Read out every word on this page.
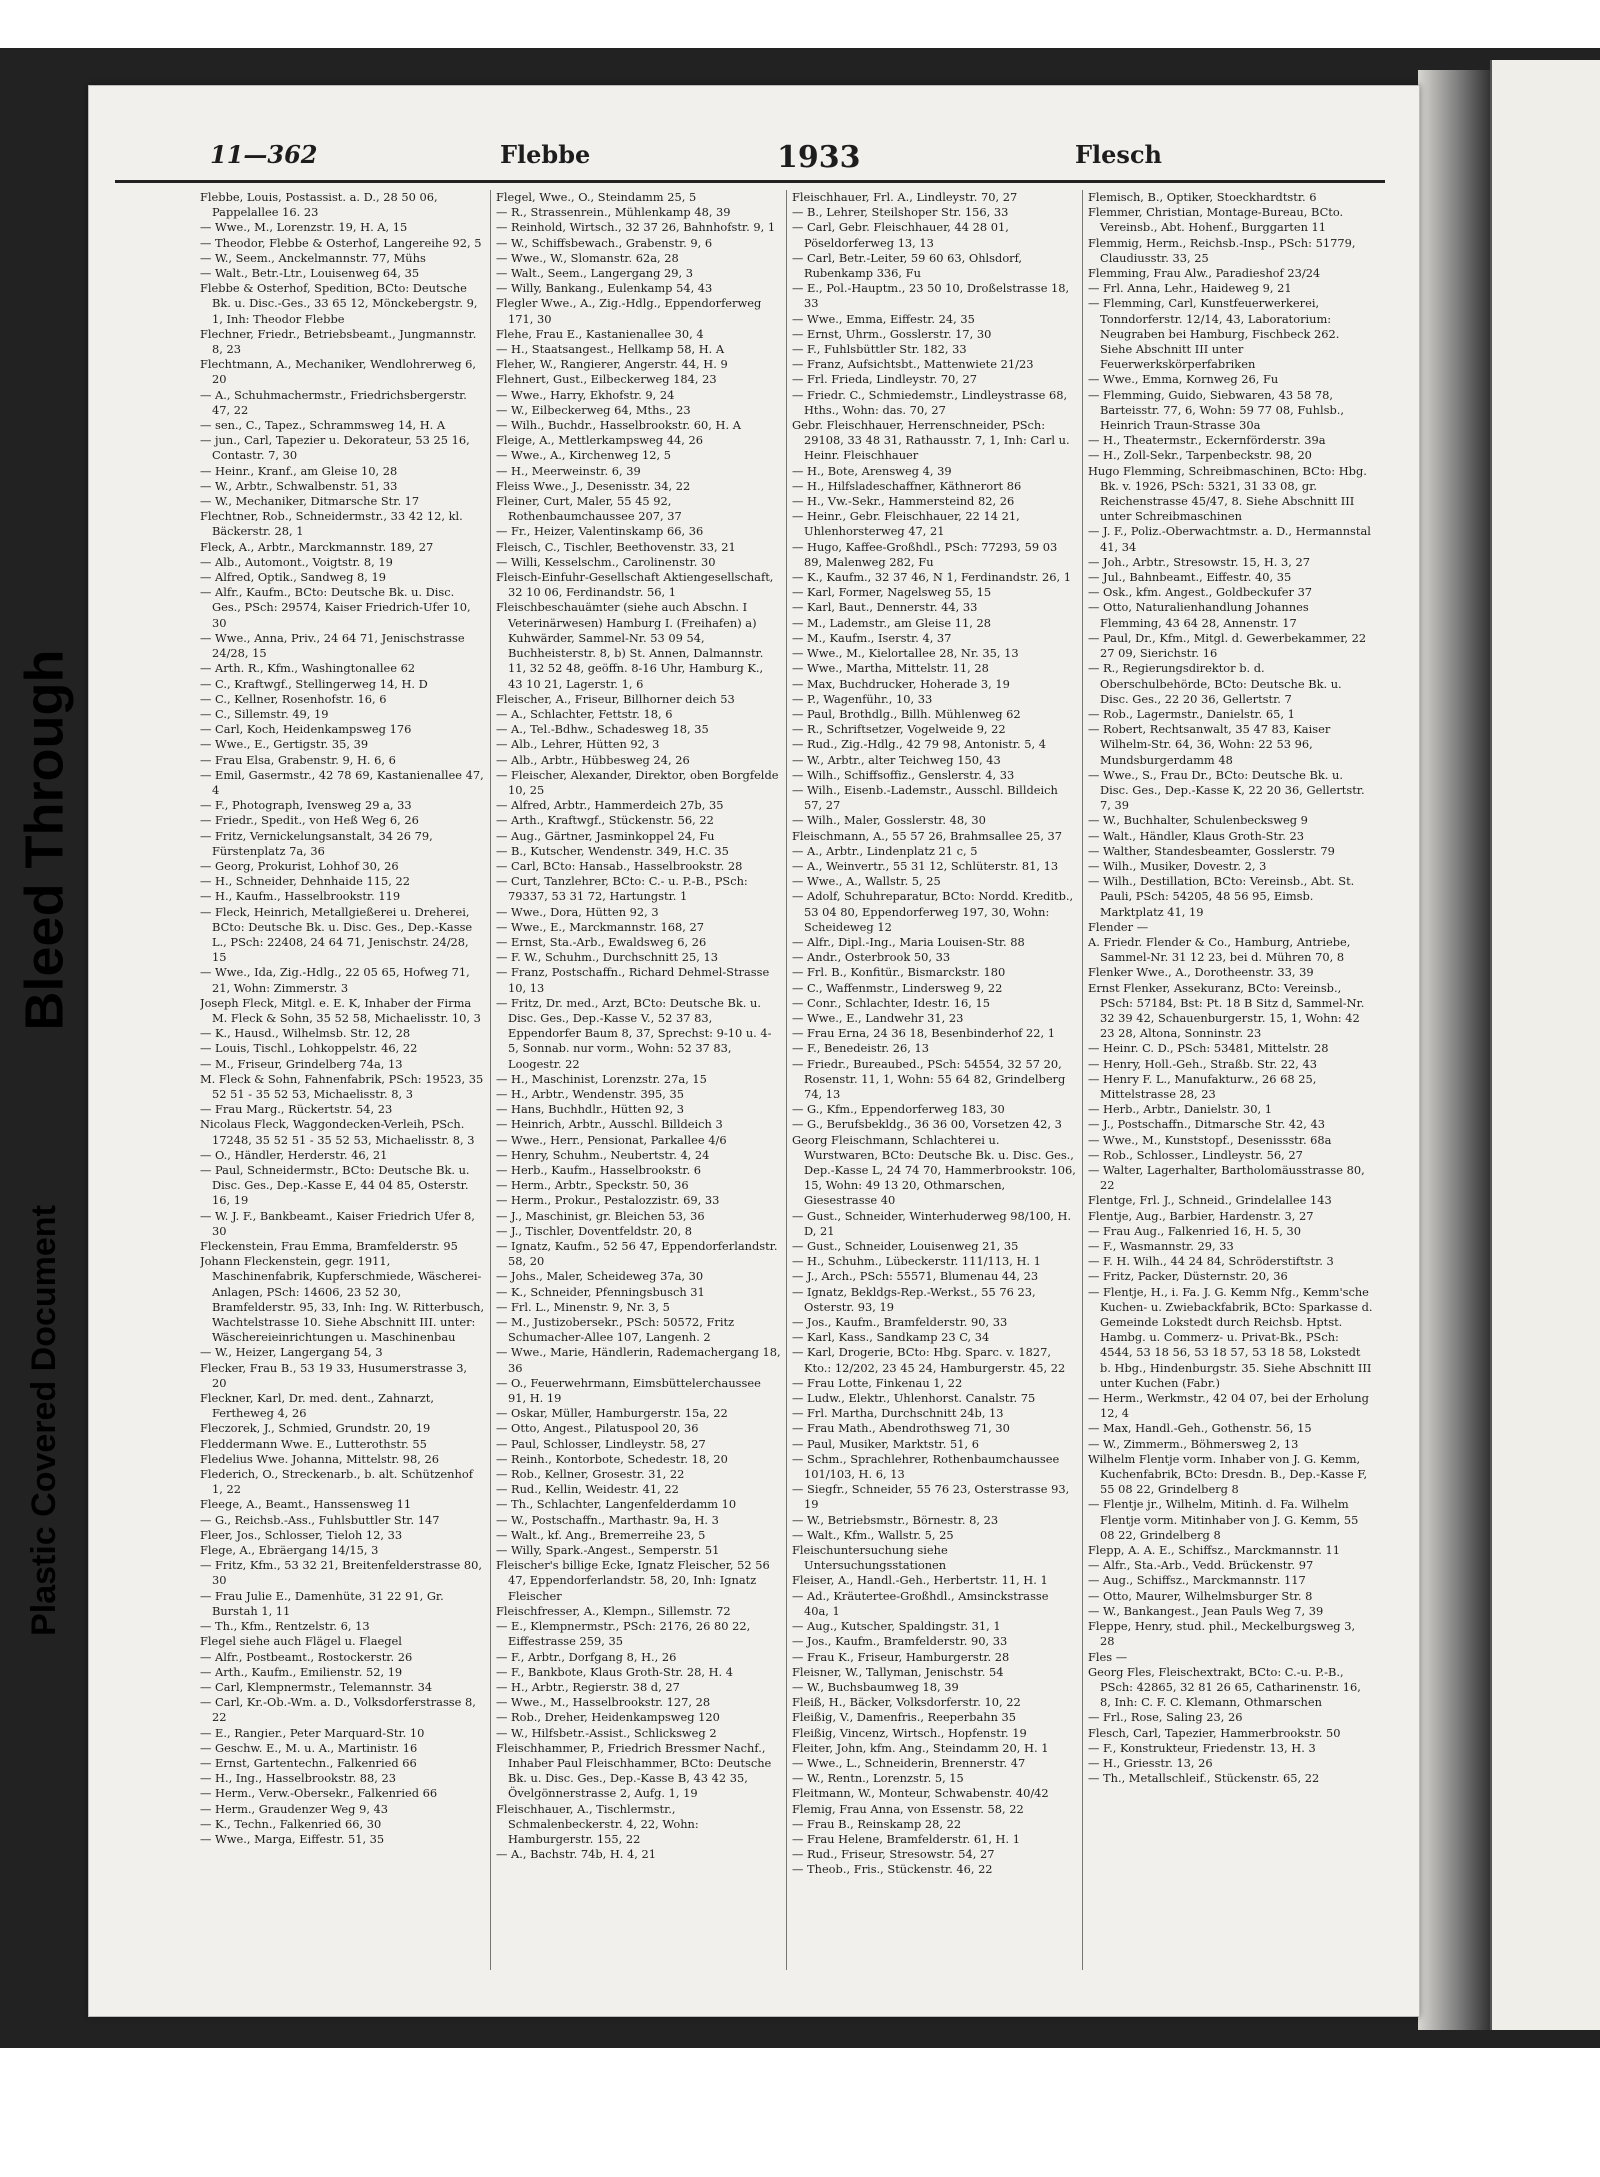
Bleed Through
Plastic Covered Document
11—362	Flebbe	1933	Flesch

Flebbe, Louis, Postassist. a. D., 28 50 06, Pappelallee 16. 23

— Wwe., M., Lorenzstr. 19, H. A, 15

— Theodor, Flebbe & Osterhof, Langereihe 92, 5

— W., Seem., Anckelmannstr. 77, Mühs

— Walt., Betr.-Ltr., Louisenweg 64, 35

Flebbe & Osterhof, Spedition, BCto: Deutsche Bk. u. Disc.-Ges., 33 65 12, Mönckebergstr. 9, 1, Inh: Theodor Flebbe

Flechner, Friedr., Betriebsbeamt., Jungmannstr. 8, 23

Flechtmann, A., Mechaniker, Wendlohrerweg 6, 20

— A., Schuhmachermstr., Friedrichsbergerstr. 47, 22

— sen., C., Tapez., Schrammsweg 14, H. A

— jun., Carl, Tapezier u. Dekorateur, 53 25 16, Contastr. 7, 30

— Heinr., Kranf., am Gleise 10, 28

— W., Arbtr., Schwalbenstr. 51, 33

— W., Mechaniker, Ditmarsche Str. 17

Flechtner, Rob., Schneidermstr., 33 42 12, kl. Bäckerstr. 28, 1

Fleck, A., Arbtr., Marckmannstr. 189, 27

— Alb., Automont., Voigtstr. 8, 19

— Alfred, Optik., Sandweg 8, 19

— Alfr., Kaufm., BCto: Deutsche Bk. u. Disc. Ges., PSch: 29574, Kaiser Friedrich-Ufer 10, 30

— Wwe., Anna, Priv., 24 64 71, Jenischstrasse 24/28, 15

— Arth. R., Kfm., Washingtonallee 62

— C., Kraftwgf., Stellingerweg 14, H. D

— C., Kellner, Rosenhofstr. 16, 6

— C., Sillemstr. 49, 19

— Carl, Koch, Heidenkampsweg 176

— Wwe., E., Gertigstr. 35, 39

— Frau Elsa, Grabenstr. 9, H. 6, 6

— Emil, Gasermstr., 42 78 69, Kastanienallee 47, 4

— F., Photograph, Ivensweg 29 a, 33

— Friedr., Spedit., von Heß Weg 6, 26

— Fritz, Vernickelungsanstalt, 34 26 79, Fürstenplatz 7a, 36

— Georg, Prokurist, Lohhof 30, 26

— H., Schneider, Dehnhaide 115, 22

— H., Kaufm., Hasselbrookstr. 119

— Fleck, Heinrich, Metallgießerei u. Dreherei, BCto: Deutsche Bk. u. Disc. Ges., Dep.-Kasse L., PSch: 22408, 24 64 71, Jenischstr. 24/28, 15

— Wwe., Ida, Zig.-Hdlg., 22 05 65, Hofweg 71, 21, Wohn: Zimmerstr. 3

Joseph Fleck, Mitgl. e. E. K, Inhaber der Firma M. Fleck & Sohn, 35 52 58, Michaelisstr. 10, 3

— K., Hausd., Wilhelmsb. Str. 12, 28

— Louis, Tischl., Lohkoppelstr. 46, 22

— M., Friseur, Grindelberg 74a, 13

M. Fleck & Sohn, Fahnenfabrik, PSch: 19523, 35 52 51 - 35 52 53, Michaelisstr. 8, 3

— Frau Marg., Rückertstr. 54, 23

Nicolaus Fleck, Waggondecken-Verleih, PSch. 17248, 35 52 51 - 35 52 53, Michaelisstr. 8, 3

— O., Händler, Herderstr. 46, 21

— Paul, Schneidermstr., BCto: Deutsche Bk. u. Disc. Ges., Dep.-Kasse E, 44 04 85, Osterstr. 16, 19

— W. J. F., Bankbeamt., Kaiser Friedrich Ufer 8, 30

Fleckenstein, Frau Emma, Bramfelderstr. 95

Johann Fleckenstein, gegr. 1911, Maschinenfabrik, Kupferschmiede, Wäscherei-Anlagen, PSch: 14606, 23 52 30, Bramfelderstr. 95, 33, Inh: Ing. W. Ritterbusch, Wachtelstrasse 10. Siehe Abschnitt III. unter: Wäschereieinrichtungen u. Maschinenbau

— W., Heizer, Langergang 54, 3

Flecker, Frau B., 53 19 33, Husumerstrasse 3, 20

Fleckner, Karl, Dr. med. dent., Zahnarzt, Fertheweg 4, 26

Fleczorek, J., Schmied, Grundstr. 20, 19

Fleddermann Wwe. E., Lutterothstr. 55

Fledelius Wwe. Johanna, Mittelstr. 98, 26

Flederich, O., Streckenarb., b. alt. Schützenhof 1, 22

Fleege, A., Beamt., Hanssensweg 11

— G., Reichsb.-Ass., Fuhlsbuttler Str. 147

Fleer, Jos., Schlosser, Tieloh 12, 33

Flege, A., Ebräergang 14/15, 3

— Fritz, Kfm., 53 32 21, Breitenfelderstrasse 80, 30

— Frau Julie E., Damenhüte, 31 22 91, Gr. Burstah 1, 11

— Th., Kfm., Rentzelstr. 6, 13

Flegel siehe auch Flägel u. Flaegel

— Alfr., Postbeamt., Rostockerstr. 26

— Arth., Kaufm., Emilienstr. 52, 19

— Carl, Klempnermstr., Telemannstr. 34

— Carl, Kr.-Ob.-Wm. a. D., Volksdorferstrasse 8, 22

— E., Rangier., Peter Marquard-Str. 10

— Geschw. E., M. u. A., Martinistr. 16

— Ernst, Gartentechn., Falkenried 66

— H., Ing., Hasselbrookstr. 88, 23

— Herm., Verw.-Obersekr., Falkenried 66

— Herm., Graudenzer Weg 9, 43

— K., Techn., Falkenried 66, 30

— Wwe., Marga, Eiffestr. 51, 35

Flegel, Wwe., O., Steindamm 25, 5

— R., Strassenrein., Mühlenkamp 48, 39

— Reinhold, Wirtsch., 32 37 26, Bahnhofstr. 9, 1

— W., Schiffsbewach., Grabenstr. 9, 6

— Wwe., W., Slomanstr. 62a, 28

— Walt., Seem., Langergang 29, 3

— Willy, Bankang., Eulenkamp 54, 43

Flegler Wwe., A., Zig.-Hdlg., Eppendorferweg 171, 30

Flehe, Frau E., Kastanienallee 30, 4

— H., Staatsangest., Hellkamp 58, H. A

Fleher, W., Rangierer, Angerstr. 44, H. 9

Flehnert, Gust., Eilbeckerweg 184, 23

— Wwe., Harry, Ekhofstr. 9, 24

— W., Eilbeckerweg 64, Mths., 23

— Wilh., Buchdr., Hasselbrookstr. 60, H. A

Fleige, A., Mettlerkampsweg 44, 26

— Wwe., A., Kirchenweg 12, 5

— H., Meerweinstr. 6, 39

Fleiss Wwe., J., Desenisstr. 34, 22

Fleiner, Curt, Maler, 55 45 92, Rothenbaumchaussee 207, 37

— Fr., Heizer, Valentinskamp 66, 36

Fleisch, C., Tischler, Beethovenstr. 33, 21

— Willi, Kesselschm., Carolinenstr. 30

Fleisch-Einfuhr-Gesellschaft Aktiengesellschaft, 32 10 06, Ferdinandstr. 56, 1

Fleischbeschauämter (siehe auch Abschn. I Veterinärwesen) Hamburg I. (Freihafen) a) Kuhwärder, Sammel-Nr. 53 09 54, Buchheisterstr. 8, b) St. Annen, Dalmannstr. 11, 32 52 48, geöffn. 8-16 Uhr, Hamburg K., 43 10 21, Lagerstr. 1, 6

Fleischer, A., Friseur, Billhorner deich 53

— A., Schlachter, Fettstr. 18, 6

— A., Tel.-Bdhw., Schadesweg 18, 35

— Alb., Lehrer, Hütten 92, 3

— Alb., Arbtr., Hübbesweg 24, 26

— Fleischer, Alexander, Direktor, oben Borgfelde 10, 25

— Alfred, Arbtr., Hammerdeich 27b, 35

— Arth., Kraftwgf., Stückenstr. 56, 22

— Aug., Gärtner, Jasminkoppel 24, Fu

— B., Kutscher, Wendenstr. 349, H.C. 35

— Carl, BCto: Hansab., Hasselbrookstr. 28

— Curt, Tanzlehrer, BCto: C.- u. P.-B., PSch: 79337, 53 31 72, Hartungstr. 1

— Wwe., Dora, Hütten 92, 3

— Wwe., E., Marckmannstr. 168, 27

— Ernst, Sta.-Arb., Ewaldsweg 6, 26

— F. W., Schuhm., Durchschnitt 25, 13

— Franz, Postschaffn., Richard Dehmel-Strasse 10, 13

— Fritz, Dr. med., Arzt, BCto: Deutsche Bk. u. Disc. Ges., Dep.-Kasse V., 52 37 83, Eppendorfer Baum 8, 37, Sprechst: 9-10 u. 4-5, Sonnab. nur vorm., Wohn: 52 37 83, Loogestr. 22

— H., Maschinist, Lorenzstr. 27a, 15

— H., Arbtr., Wendenstr. 395, 35

— Hans, Buchhdlr., Hütten 92, 3

— Heinrich, Arbtr., Ausschl. Billdeich 3

— Wwe., Herr., Pensionat, Parkallee 4/6

— Henry, Schuhm., Neubertstr. 4, 24

— Herb., Kaufm., Hasselbrookstr. 6

— Herm., Arbtr., Speckstr. 50, 36

— Herm., Prokur., Pestalozzistr. 69, 33

— J., Maschinist, gr. Bleichen 53, 36

— J., Tischler, Doventfeldstr. 20, 8

— Ignatz, Kaufm., 52 56 47, Eppendorferlandstr. 58, 20

— Johs., Maler, Scheideweg 37a, 30

— K., Schneider, Pfenningsbusch 31

— Frl. L., Minenstr. 9, Nr. 3, 5

— M., Justizobersekr., PSch: 50572, Fritz Schumacher-Allee 107, Langenh. 2

— Wwe., Marie, Händlerin, Rademachergang 18, 36

— O., Feuerwehrmann, Eimsbüttelerchaussee 91, H. 19

— Oskar, Müller, Hamburgerstr. 15a, 22

— Otto, Angest., Pilatuspool 20, 36

— Paul, Schlosser, Lindleystr. 58, 27

— Reinh., Kontorbote, Schedestr. 18, 20

— Rob., Kellner, Grosestr. 31, 22

— Rud., Kellin, Weidestr. 41, 22

— Th., Schlachter, Langenfelderdamm 10

— W., Postschaffn., Marthastr. 9a, H. 3

— Walt., kf. Ang., Bremerreihe 23, 5

— Willy, Spark.-Angest., Semperstr. 51

Fleischer's billige Ecke, Ignatz Fleischer, 52 56 47, Eppendorferlandstr. 58, 20, Inh: Ignatz Fleischer

Fleischfresser, A., Klempn., Sillemstr. 72

— E., Klempnermstr., PSch: 2176, 26 80 22, Eiffestrasse 259, 35

— F., Arbtr., Dorfgang 8, H., 26

— F., Bankbote, Klaus Groth-Str. 28, H. 4

— H., Arbtr., Regierstr. 38 d, 27

— Wwe., M., Hasselbrookstr. 127, 28

— Rob., Dreher, Heidenkampsweg 120

— W., Hilfsbetr.-Assist., Schlicksweg 2

Fleischhammer, P., Friedrich Bressmer Nachf., Inhaber Paul Fleischhammer, BCto: Deutsche Bk. u. Disc. Ges., Dep.-Kasse B, 43 42 35, Övelgönnerstrasse 2, Aufg. 1, 19

Fleischhauer, A., Tischlermstr., Schmalenbeckerstr. 4, 22, Wohn: Hamburgerstr. 155, 22

— A., Bachstr. 74b, H. 4, 21

Fleischhauer, Frl. A., Lindleystr. 70, 27

— B., Lehrer, Steilshoper Str. 156, 33

— Carl, Gebr. Fleischhauer, 44 28 01, Pöseldorferweg 13, 13

— Carl, Betr.-Leiter, 59 60 63, Ohlsdorf, Rubenkamp 336, Fu

— E., Pol.-Hauptm., 23 50 10, Droßelstrasse 18, 33

— Wwe., Emma, Eiffestr. 24, 35

— Ernst, Uhrm., Gosslerstr. 17, 30

— F., Fuhlsbüttler Str. 182, 33

— Franz, Aufsichtsbt., Mattenwiete 21/23

— Frl. Frieda, Lindleystr. 70, 27

— Friedr. C., Schmiedemstr., Lindleystrasse 68, Hths., Wohn: das. 70, 27

Gebr. Fleischhauer, Herrenschneider, PSch: 29108, 33 48 31, Rathausstr. 7, 1, Inh: Carl u. Heinr. Fleischhauer

— H., Bote, Arensweg 4, 39

— H., Hilfsladeschaffner, Käthnerort 86

— H., Vw.-Sekr., Hammersteind 82, 26

— Heinr., Gebr. Fleischhauer, 22 14 21, Uhlenhorsterweg 47, 21

— Hugo, Kaffee-Großhdl., PSch: 77293, 59 03 89, Malenweg 282, Fu

— K., Kaufm., 32 37 46, N 1, Ferdinandstr. 26, 1

— Karl, Former, Nagelsweg 55, 15

— Karl, Baut., Dennerstr. 44, 33

— M., Lademstr., am Gleise 11, 28

— M., Kaufm., Iserstr. 4, 37

— Wwe., M., Kielortallee 28, Nr. 35, 13

— Wwe., Martha, Mittelstr. 11, 28

— Max, Buchdrucker, Hoherade 3, 19

— P., Wagenführ., 10, 33

— Paul, Brothdlg., Billh. Mühlenweg 62

— R., Schriftsetzer, Vogelweide 9, 22

— Rud., Zig.-Hdlg., 42 79 98, Antonistr. 5, 4

— W., Arbtr., alter Teichweg 150, 43

— Wilh., Schiffsoffiz., Genslerstr. 4, 33

— Wilh., Eisenb.-Lademstr., Ausschl. Billdeich 57, 27

— Wilh., Maler, Gosslerstr. 48, 30

Fleischmann, A., 55 57 26, Brahmsallee 25, 37

— A., Arbtr., Lindenplatz 21 c, 5

— A., Weinvertr., 55 31 12, Schlüterstr. 81, 13

— Wwe., A., Wallstr. 5, 25

— Adolf, Schuhreparatur, BCto: Nordd. Kreditb., 53 04 80, Eppendorferweg 197, 30, Wohn: Scheideweg 12

— Alfr., Dipl.-Ing., Maria Louisen-Str. 88

— Andr., Osterbrook 50, 33

— Frl. B., Konfitür., Bismarckstr. 180

— C., Waffenmstr., Lindersweg 9, 22

— Conr., Schlachter, Idestr. 16, 15

— Wwe., E., Landwehr 31, 23

— Frau Erna, 24 36 18, Besenbinderhof 22, 1

— F., Benedeistr. 26, 13

— Friedr., Bureaubed., PSch: 54554, 32 57 20, Rosenstr. 11, 1, Wohn: 55 64 82, Grindelberg 74, 13

— G., Kfm., Eppendorferweg 183, 30

— G., Berufsbekldg., 36 36 00, Vorsetzen 42, 3

Georg Fleischmann, Schlachterei u. Wurstwaren, BCto: Deutsche Bk. u. Disc. Ges., Dep.-Kasse L, 24 74 70, Hammerbrookstr. 106, 15, Wohn: 49 13 20, Othmarschen, Giesestrasse 40

— Gust., Schneider, Winterhuderweg 98/100, H. D, 21

— Gust., Schneider, Louisenweg 21, 35

— H., Schuhm., Lübeckerstr. 111/113, H. 1

— J., Arch., PSch: 55571, Blumenau 44, 23

— Ignatz, Bekldgs-Rep.-Werkst., 55 76 23, Osterstr. 93, 19

— Jos., Kaufm., Bramfelderstr. 90, 33

— Karl, Kass., Sandkamp 23 C, 34

— Karl, Drogerie, BCto: Hbg. Sparc. v. 1827, Kto.: 12/202, 23 45 24, Hamburgerstr. 45, 22

— Frau Lotte, Finkenau 1, 22

— Ludw., Elektr., Uhlenhorst. Canalstr. 75

— Frl. Martha, Durchschnitt 24b, 13

— Frau Math., Abendrothsweg 71, 30

— Paul, Musiker, Marktstr. 51, 6

— Schm., Sprachlehrer, Rothenbaumchaussee 101/103, H. 6, 13

— Siegfr., Schneider, 55 76 23, Osterstrasse 93, 19

— W., Betriebsmstr., Börnestr. 8, 23

— Walt., Kfm., Wallstr. 5, 25

Fleischuntersuchung siehe Untersuchungsstationen

Fleiser, A., Handl.-Geh., Herbertstr. 11, H. 1

— Ad., Kräutertee-Großhdl., Amsinckstrasse 40a, 1

— Aug., Kutscher, Spaldingstr. 31, 1

— Jos., Kaufm., Bramfelderstr. 90, 33

— Frau K., Friseur, Hamburgerstr. 28

Fleisner, W., Tallyman, Jenischstr. 54

— W., Buchsbaumweg 18, 39

Fleiß, H., Bäcker, Volksdorferstr. 10, 22

Fleißig, V., Damenfris., Reeperbahn 35

Fleißig, Vincenz, Wirtsch., Hopfenstr. 19

Fleiter, John, kfm. Ang., Steindamm 20, H. 1

— Wwe., L., Schneiderin, Brennerstr. 47

— W., Rentn., Lorenzstr. 5, 15

Fleitmann, W., Monteur, Schwabenstr. 40/42

Flemig, Frau Anna, von Essenstr. 58, 22

— Frau B., Reinskamp 28, 22

— Frau Helene, Bramfelderstr. 61, H. 1

— Rud., Friseur, Stresowstr. 54, 27

— Theob., Fris., Stückenstr. 46, 22

Flemisch, B., Optiker, Stoeckhardtstr. 6

Flemmer, Christian, Montage-Bureau, BCto. Vereinsb., Abt. Hohenf., Burggarten 11

Flemmig, Herm., Reichsb.-Insp., PSch: 51779, Claudiusstr. 33, 25

Flemming, Frau Alw., Paradieshof 23/24

— Frl. Anna, Lehr., Haideweg 9, 21

— Flemming, Carl, Kunstfeuerwerkerei, Tonndorferstr. 12/14, 43, Laboratorium: Neugraben bei Hamburg, Fischbeck 262. Siehe Abschnitt III unter Feuerwerkskörperfabriken

— Wwe., Emma, Kornweg 26, Fu

— Flemming, Guido, Siebwaren, 43 58 78, Barteisstr. 77, 6, Wohn: 59 77 08, Fuhlsb., Heinrich Traun-Strasse 30a

— H., Theatermstr., Eckernförderstr. 39a

— H., Zoll-Sekr., Tarpenbeckstr. 98, 20

Hugo Flemming, Schreibmaschinen, BCto: Hbg. Bk. v. 1926, PSch: 5321, 31 33 08, gr. Reichenstrasse 45/47, 8. Siehe Abschnitt III unter Schreibmaschinen

— J. F., Poliz.-Oberwachtmstr. a. D., Hermannstal 41, 34

— Joh., Arbtr., Stresowstr. 15, H. 3, 27

— Jul., Bahnbeamt., Eiffestr. 40, 35

— Osk., kfm. Angest., Goldbeckufer 37

— Otto, Naturalienhandlung Johannes Flemming, 43 64 28, Annenstr. 17

— Paul, Dr., Kfm., Mitgl. d. Gewerbekammer, 22 27 09, Sierichstr. 16

— R., Regierungsdirektor b. d. Oberschulbehörde, BCto: Deutsche Bk. u. Disc. Ges., 22 20 36, Gellertstr. 7

— Rob., Lagermstr., Danielstr. 65, 1

— Robert, Rechtsanwalt, 35 47 83, Kaiser Wilhelm-Str. 64, 36, Wohn: 22 53 96, Mundsburgerdamm 48

— Wwe., S., Frau Dr., BCto: Deutsche Bk. u. Disc. Ges., Dep.-Kasse K, 22 20 36, Gellertstr. 7, 39

— W., Buchhalter, Schulenbecksweg 9

— Walt., Händler, Klaus Groth-Str. 23

— Walther, Standesbeamter, Gosslerstr. 79

— Wilh., Musiker, Dovestr. 2, 3

— Wilh., Destillation, BCto: Vereinsb., Abt. St. Pauli, PSch: 54205, 48 56 95, Eimsb. Marktplatz 41, 19

Flender —

A. Friedr. Flender & Co., Hamburg, Antriebe, Sammel-Nr. 31 12 23, bei d. Mühren 70, 8

Flenker Wwe., A., Dorotheenstr. 33, 39

Ernst Flenker, Assekuranz, BCto: Vereinsb., PSch: 57184, Bst: Pt. 18 B Sitz d, Sammel-Nr. 32 39 42, Schauenburgerstr. 15, 1, Wohn: 42 23 28, Altona, Sonninstr. 23

— Heinr. C. D., PSch: 53481, Mittelstr. 28

— Henry, Holl.-Geh., Straßb. Str. 22, 43

— Henry F. L., Manufakturw., 26 68 25, Mittelstrasse 28, 23

— Herb., Arbtr., Danielstr. 30, 1

— J., Postschaffn., Ditmarsche Str. 42, 43

— Wwe., M., Kunststopf., Desenissstr. 68a

— Rob., Schlosser., Lindleystr. 56, 27

— Walter, Lagerhalter, Bartholomäusstrasse 80, 22

Flentge, Frl. J., Schneid., Grindelallee 143

Flentje, Aug., Barbier, Hardenstr. 3, 27

— Frau Aug., Falkenried 16, H. 5, 30

— F., Wasmannstr. 29, 33

— F. H. Wilh., 44 24 84, Schröderstiftstr. 3

— Fritz, Packer, Düsternstr. 20, 36

— Flentje, H., i. Fa. J. G. Kemm Nfg., Kemm'sche Kuchen- u. Zwiebackfabrik, BCto: Sparkasse d. Gemeinde Lokstedt durch Reichsb. Hptst. Hambg. u. Commerz- u. Privat-Bk., PSch: 4544, 53 18 56, 53 18 57, 53 18 58, Lokstedt b. Hbg., Hindenburgstr. 35. Siehe Abschnitt III unter Kuchen (Fabr.)

— Herm., Werkmstr., 42 04 07, bei der Erholung 12, 4

— Max, Handl.-Geh., Gothenstr. 56, 15

— W., Zimmerm., Böhmersweg 2, 13

Wilhelm Flentje vorm. Inhaber von J. G. Kemm, Kuchenfabrik, BCto: Dresdn. B., Dep.-Kasse F, 55 08 22, Grindelberg 8

— Flentje jr., Wilhelm, Mitinh. d. Fa. Wilhelm Flentje vorm. Mitinhaber von J. G. Kemm, 55 08 22, Grindelberg 8

Flepp, A. A. E., Schiffsz., Marckmannstr. 11

— Alfr., Sta.-Arb., Vedd. Brückenstr. 97

— Aug., Schiffsz., Marckmannstr. 117

— Otto, Maurer, Wilhelmsburger Str. 8

— W., Bankangest., Jean Pauls Weg 7, 39

Fleppe, Henry, stud. phil., Meckelburgsweg 3, 28

Fles —

Georg Fles, Fleischextrakt, BCto: C.-u. P.-B., PSch: 42865, 32 81 26 65, Catharinenstr. 16, 8, Inh: C. F. C. Klemann, Othmarschen

— Frl., Rose, Saling 23, 26

Flesch, Carl, Tapezier, Hammerbrookstr. 50

— F., Konstrukteur, Friedenstr. 13, H. 3

— H., Griesstr. 13, 26

— Th., Metallschleif., Stückenstr. 65, 22
